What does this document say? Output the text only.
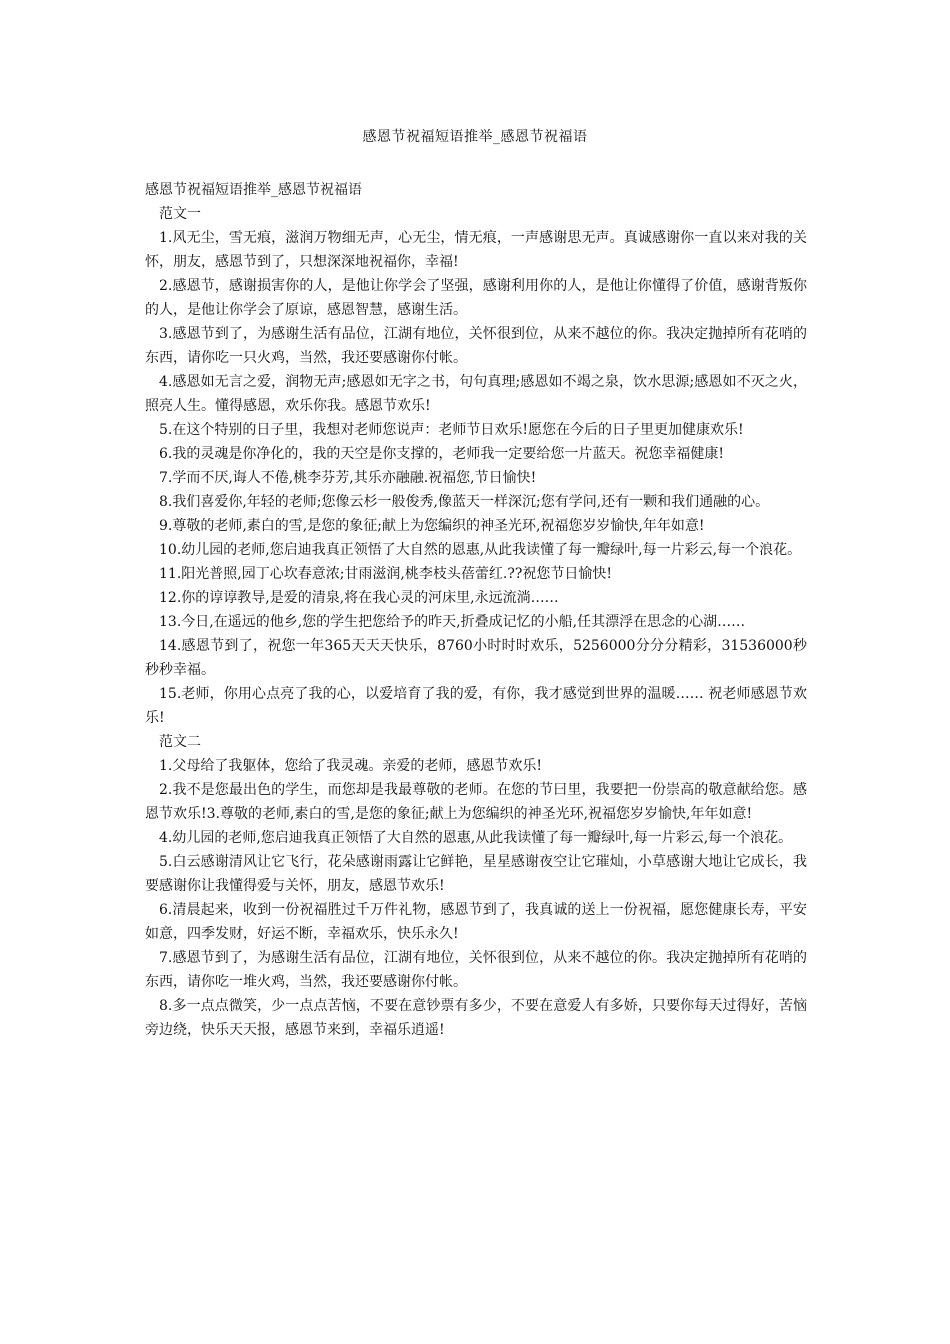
感恩节祝福短语推举_感恩节祝福语

感恩节祝福短语推举_感恩节祝福语

范文一

1.风无尘，雪无痕，滋润万物细无声，心无尘，情无痕，一声感谢思无声。真诚感谢你一直以来对我的关怀，朋友，感恩节到了，只想深深地祝福你，幸福!

2.感恩节，感谢损害你的人，是他让你学会了坚强，感谢利用你的人，是他让你懂得了价值，感谢背叛你的人，是他让你学会了原谅，感恩智慧，感谢生活。

3.感恩节到了，为感谢生活有品位，江湖有地位，关怀很到位，从来不越位的你。我决定抛掉所有花哨的东西，请你吃一只火鸡，当然，我还要感谢你付帐。

4.感恩如无言之爱，润物无声;感恩如无字之书，句句真理;感恩如不竭之泉，饮水思源;感恩如不灭之火，照亮人生。懂得感恩，欢乐你我。感恩节欢乐!

5.在这个特别的日子里，我想对老师您说声：老师节日欢乐!愿您在今后的日子里更加健康欢乐!

6.我的灵魂是你净化的，我的天空是你支撑的，老师我一定要给您一片蓝天。祝您幸福健康!

7.学而不厌,诲人不倦,桃李芬芳,其乐亦融融.祝福您,节日愉快!

8.我们喜爱你,年轻的老师;您像云杉一般俊秀,像蓝天一样深沉;您有学问,还有一颗和我们通融的心。

9.尊敬的老师,素白的雪,是您的象征;献上为您编织的神圣光环,祝福您岁岁愉快,年年如意!

10.幼儿园的老师,您启迪我真正领悟了大自然的恩惠,从此我读懂了每一瓣绿叶,每一片彩云,每一个浪花。

11.阳光普照,园丁心坎春意浓;甘雨滋润,桃李枝头蓓蕾红.??祝您节日愉快!

12.你的谆谆教导,是爱的清泉,将在我心灵的河床里,永远流淌……

13.今日,在遥远的他乡,您的学生把您给予的昨天,折叠成记忆的小船,任其漂浮在思念的心湖……

14.感恩节到了，祝您一年365天天天快乐，8760小时时时欢乐，5256000分分分精彩，31536000秒秒秒幸福。

15.老师，你用心点亮了我的心，以爱培育了我的爱，有你，我才感觉到世界的温暖…… 祝老师感恩节欢乐!

范文二

1.父母给了我躯体，您给了我灵魂。亲爱的老师，感恩节欢乐!

2.我不是您最出色的学生，而您却是我最尊敬的老师。在您的节曰里，我要把一份崇高的敬意献给您。感恩节欢乐!3.尊敬的老师,素白的雪,是您的象征;献上为您编织的神圣光环,祝福您岁岁愉快,年年如意!

4.幼儿园的老师,您启迪我真正领悟了大自然的恩惠,从此我读懂了每一瓣绿叶,每一片彩云,每一个浪花。

5.白云感谢清风让它飞行，花朵感谢雨露让它鲜艳，星星感谢夜空让它璀灿，小草感谢大地让它成长，我要感谢你让我懂得爱与关怀，朋友，感恩节欢乐!

6.清晨起来，收到一份祝福胜过千万件礼物，感恩节到了，我真诚的送上一份祝福，愿您健康长寿，平安如意，四季发财，好运不断，幸福欢乐，快乐永久!

7.感恩节到了，为感谢生活有品位，江湖有地位，关怀很到位，从来不越位的你。我决定抛掉所有花哨的东西，请你吃一堆火鸡，当然，我还要感谢你付帐。

8.多一点点微笑，少一点点苦恼，不要在意钞票有多少，不要在意爱人有多娇，只要你每天过得好，苦恼旁边绕，快乐天天报，感恩节来到，幸福乐逍遥!
